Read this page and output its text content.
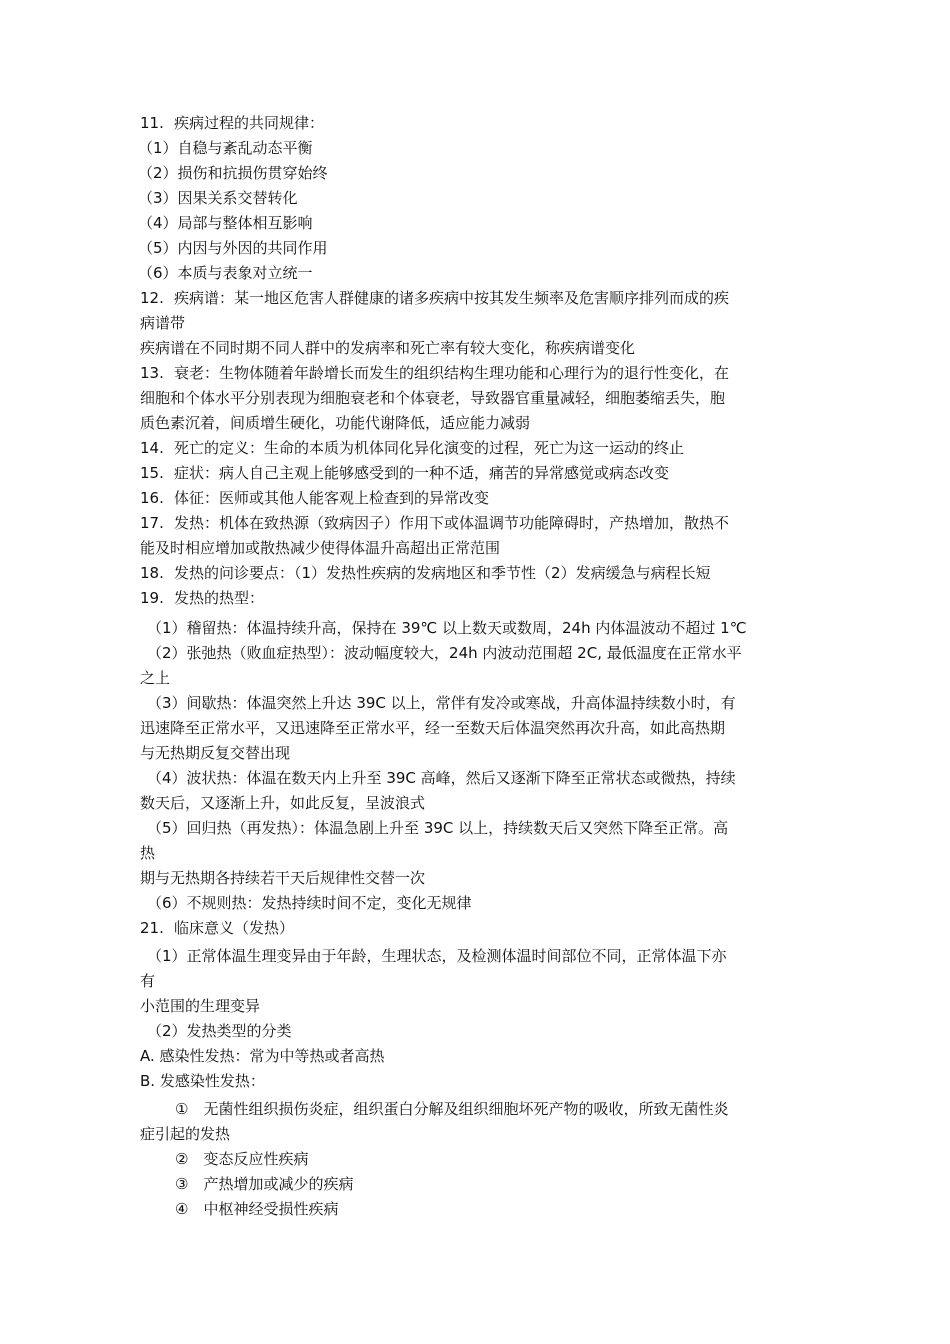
11. 疾病过程的共同规律：
（1）自稳与紊乱动态平衡
（2）损伤和抗损伤贯穿始终
（3）因果关系交替转化
（4）局部与整体相互影响
（5）内因与外因的共同作用
（6）本质与表象对立统一
12. 疾病谱：某一地区危害人群健康的诸多疾病中按其发生频率及危害顺序排列而成的疾
病谱带
疾病谱在不同时期不同人群中的发病率和死亡率有较大变化，称疾病谱变化
13. 衰老：生物体随着年龄增长而发生的组织结构生理功能和心理行为的退行性变化，在
细胞和个体水平分别表现为细胞衰老和个体衰老，导致器官重量减轻，细胞萎缩丢失，胞
质色素沉着，间质增生硬化，功能代谢降低，适应能力减弱
14. 死亡的定义：生命的本质为机体同化异化演变的过程，死亡为这一运动的终止
15. 症状：病人自己主观上能够感受到的一种不适，痛苦的异常感觉或病态改变
16. 体征：医师或其他人能客观上检查到的异常改变
17. 发热：机体在致热源（致病因子）作用下或体温调节功能障碍时，产热增加，散热不
能及时相应增加或散热减少使得体温升高超出正常范围
18. 发热的问诊要点：（1）发热性疾病的发病地区和季节性（2）发病缓急与病程长短
19. 发热的热型：
（1）稽留热：体温持续升高，保持在 39℃ 以上数天或数周，24h 内体温波动不超过 1℃
（2）张弛热（败血症热型）：波动幅度较大，24h 内波动范围超 2C, 最低温度在正常水平
之上
（3）间歇热：体温突然上升达 39C 以上，常伴有发冷或寒战，升高体温持续数小时，有
迅速降至正常水平，又迅速降至正常水平，经一至数天后体温突然再次升高，如此高热期
与无热期反复交替出现
（4）波状热：体温在数天内上升至 39C 高峰，然后又逐渐下降至正常状态或微热，持续
数天后，又逐渐上升，如此反复，呈波浪式
（5）回归热（再发热）：体温急剧上升至 39C 以上，持续数天后又突然下降至正常。高
热
期与无热期各持续若干天后规律性交替一次
（6）不规则热：发热持续时间不定，变化无规律
21. 临床意义（发热）
（1）正常体温生理变异由于年龄，生理状态，及检测体温时间部位不同，正常体温下亦
有
小范围的生理变异
（2）发热类型的分类
A. 感染性发热：常为中等热或者高热
B. 发感染性发热：
①　无菌性组织损伤炎症，组织蛋白分解及组织细胞坏死产物的吸收，所致无菌性炎
症引起的发热
②　变态反应性疾病
③　产热增加或减少的疾病
④　中枢神经受损性疾病
